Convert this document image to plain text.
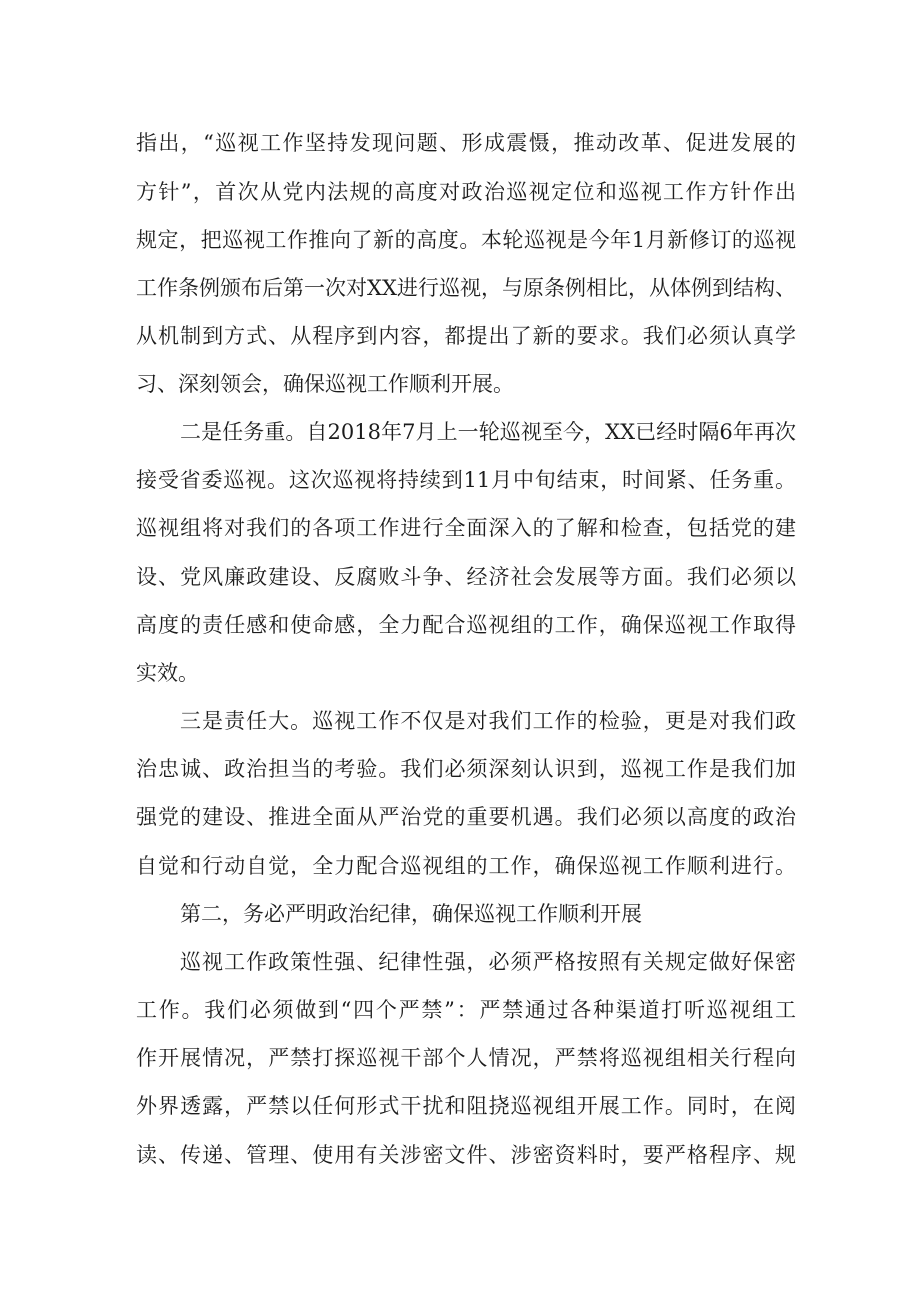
指出，“巡视工作坚持发现问题、形成震慑，推动改革、促进发展的

方针”，首次从党内法规的高度对政治巡视定位和巡视工作方针作出

规定，把巡视工作推向了新的高度。本轮巡视是今年1月新修订的巡视

工作条例颁布后第一次对XX进行巡视，与原条例相比，从体例到结构、

从机制到方式、从程序到内容，都提出了新的要求。我们必须认真学

习、深刻领会，确保巡视工作顺利开展。

二是任务重。自2018年7月上一轮巡视至今，XX已经时隔6年再次

接受省委巡视。这次巡视将持续到11月中旬结束，时间紧、任务重。

巡视组将对我们的各项工作进行全面深入的了解和检查，包括党的建

设、党风廉政建设、反腐败斗争、经济社会发展等方面。我们必须以

高度的责任感和使命感，全力配合巡视组的工作，确保巡视工作取得

实效。

三是责任大。巡视工作不仅是对我们工作的检验，更是对我们政

治忠诚、政治担当的考验。我们必须深刻认识到，巡视工作是我们加

强党的建设、推进全面从严治党的重要机遇。我们必须以高度的政治

自觉和行动自觉，全力配合巡视组的工作，确保巡视工作顺利进行。

第二，务必严明政治纪律，确保巡视工作顺利开展

巡视工作政策性强、纪律性强，必须严格按照有关规定做好保密

工作。我们必须做到“四个严禁”：严禁通过各种渠道打听巡视组工

作开展情况，严禁打探巡视干部个人情况，严禁将巡视组相关行程向

外界透露，严禁以任何形式干扰和阻挠巡视组开展工作。同时，在阅

读、传递、管理、使用有关涉密文件、涉密资料时，要严格程序、规
